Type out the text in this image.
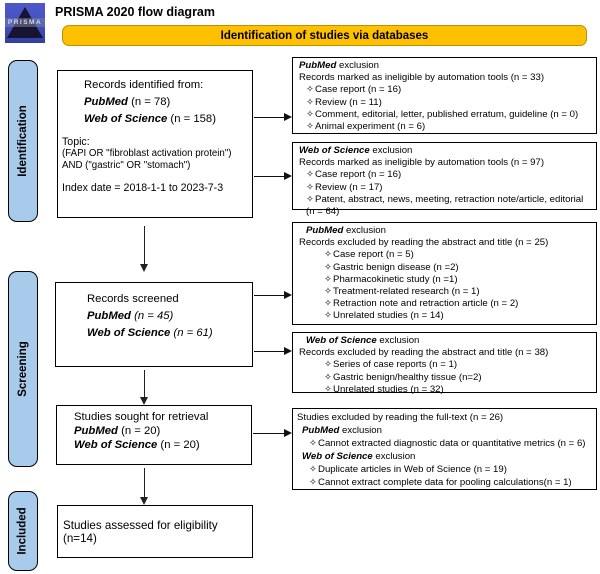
PRISMA
PRISMA 2020 flow diagram
Identification of studies via databases
Identification
Screening
Included
Records identified from:
PubMed (n = 78)
Web of Science (n = 158)
Topic:
(FAPI OR "fibroblast activation protein")
AND ("gastric" OR "stomach")
Index date = 2018-1-1 to 2023-7-3
Records screened
PubMed (n = 45)
Web of Science (n = 61)
Studies sought for retrieval
PubMed (n = 20)
Web of Science (n = 20)
Studies assessed for eligibility (n=14)
PubMed exclusion
Records marked as ineligible by automation tools (n = 33)
✧Case report (n = 16)
✧Review (n = 11)
✧Comment, editorial, letter, published erratum, guideline (n = 0)
✧Animal experiment (n = 6)
Web of Science exclusion
Records marked as ineligible by automation tools (n = 97)
✧Case report (n = 16)
✧Review (n = 17)
✧Patent, abstract, news, meeting, retraction note/article, editorial (n = 64)
PubMed exclusion
Records excluded by reading the abstract and title (n = 25)
✧Case report (n = 5)
✧Gastric benign disease (n =2)
✧Pharmacokinetic study (n =1)
✧Treatment-related research (n = 1)
✧Retraction note and retraction article (n = 2)
✧Unrelated studies (n = 14)
Web of Science exclusion
Records excluded by reading the abstract and title (n = 38)
✧Series of case reports (n = 1)
✧Gastric benign/healthy tissue (n=2)
✧Unrelated studies (n = 32)
Studies excluded by reading the full-text (n = 26)
PubMed exclusion
✧Cannot extracted diagnostic data or quantitative metrics (n = 6)
Web of Science exclusion
✧Duplicate articles in Web of Science (n = 19)
✧Cannot extract complete data for pooling calculations(n = 1)
